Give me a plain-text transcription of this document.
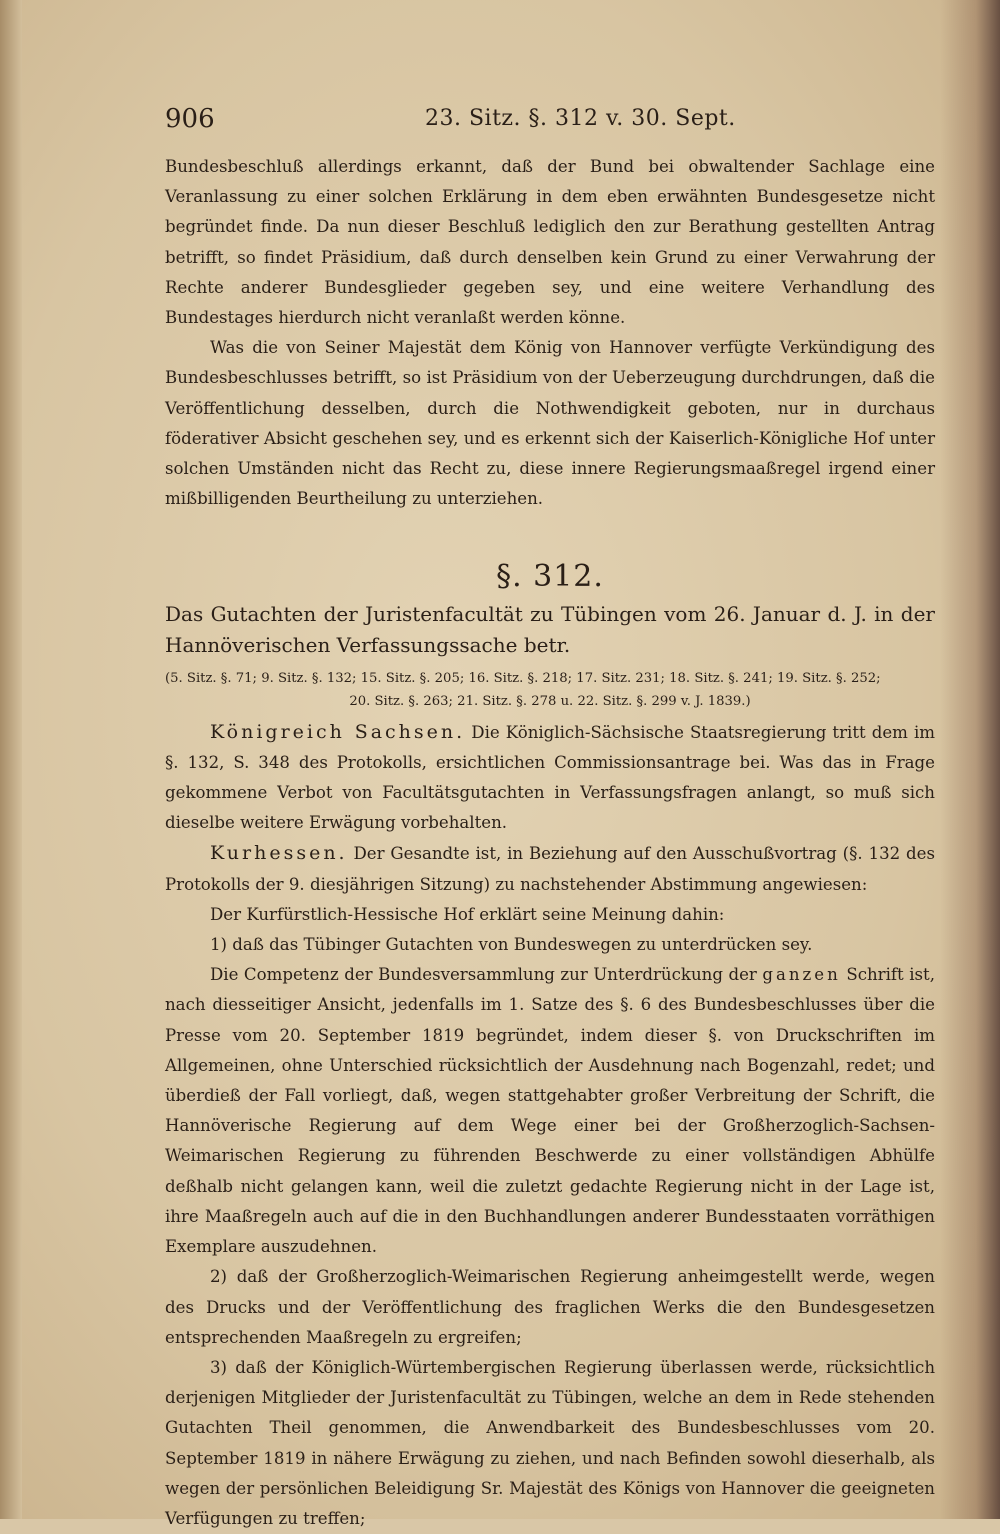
906	23. Sitz. §. 312 v. 30. Sept.

Bundesbeschluß allerdings erkannt, daß der Bund bei obwaltender Sachlage eine Veranlassung zu einer solchen Erklärung in dem eben erwähnten Bundesgesetze nicht begründet finde. Da nun dieser Beschluß lediglich den zur Berathung gestellten Antrag betrifft, so findet Präsidium, daß durch denselben kein Grund zu einer Verwahrung der Rechte anderer Bundesglieder gegeben sey, und eine weitere Verhandlung des Bundestages hierdurch nicht veranlaßt werden könne.

Was die von Seiner Majestät dem König von Hannover verfügte Verkündigung des Bundesbeschlusses betrifft, so ist Präsidium von der Ueberzeugung durchdrungen, daß die Veröffentlichung desselben, durch die Nothwendigkeit geboten, nur in durchaus föderativer Absicht geschehen sey, und es erkennt sich der Kaiserlich-Königliche Hof unter solchen Umständen nicht das Recht zu, diese innere Regierungsmaaßregel irgend einer mißbilligenden Beurtheilung zu unterziehen.

§. 312.
Das Gutachten der Juristenfacultät zu Tübingen vom 26. Januar d. J. in der Hannöverischen Verfassungssache betr.
(5. Sitz. §. 71; 9. Sitz. §. 132; 15. Sitz. §. 205; 16. Sitz. §. 218; 17. Sitz. 231; 18. Sitz. §. 241; 19. Sitz. §. 252;
20. Sitz. §. 263; 21. Sitz. §. 278 u. 22. Sitz. §. 299 v. J. 1839.)

Königreich Sachsen. Die Königlich-Sächsische Staatsregierung tritt dem im §. 132, S. 348 des Protokolls, ersichtlichen Commissionsantrage bei. Was das in Frage gekommene Verbot von Facultätsgutachten in Verfassungsfragen anlangt, so muß sich dieselbe weitere Erwägung vorbehalten.

Kurhessen. Der Gesandte ist, in Beziehung auf den Ausschußvortrag (§. 132 des Protokolls der 9. diesjährigen Sitzung) zu nachstehender Abstimmung angewiesen:

Der Kurfürstlich-Hessische Hof erklärt seine Meinung dahin:

1) daß das Tübinger Gutachten von Bundeswegen zu unterdrücken sey.

Die Competenz der Bundesversammlung zur Unterdrückung der ganzen Schrift ist, nach diesseitiger Ansicht, jedenfalls im 1. Satze des §. 6 des Bundesbeschlusses über die Presse vom 20. September 1819 begründet, indem dieser §. von Druckschriften im Allgemeinen, ohne Unterschied rücksichtlich der Ausdehnung nach Bogenzahl, redet; und überdieß der Fall vorliegt, daß, wegen stattgehabter großer Verbreitung der Schrift, die Hannöverische Regierung auf dem Wege einer bei der Großherzoglich-Sachsen-Weimarischen Regierung zu führenden Beschwerde zu einer vollständigen Abhülfe deßhalb nicht gelangen kann, weil die zuletzt gedachte Regierung nicht in der Lage ist, ihre Maaßregeln auch auf die in den Buchhandlungen anderer Bundesstaaten vorräthigen Exemplare auszudehnen.

2) daß der Großherzoglich-Weimarischen Regierung anheimgestellt werde, wegen des Drucks und der Veröffentlichung des fraglichen Werks die den Bundesgesetzen entsprechenden Maaßregeln zu ergreifen;

3) daß der Königlich-Würtembergischen Regierung überlassen werde, rücksichtlich derjenigen Mitglieder der Juristenfacultät zu Tübingen, welche an dem in Rede stehenden Gutachten Theil genommen, die Anwendbarkeit des Bundesbeschlusses vom 20. September 1819 in nähere Erwägung zu ziehen, und nach Befinden sowohl dieserhalb, als wegen der persönlichen Beleidigung Sr. Majestät des Königs von Hannover die geeigneten Verfügungen zu treffen;
